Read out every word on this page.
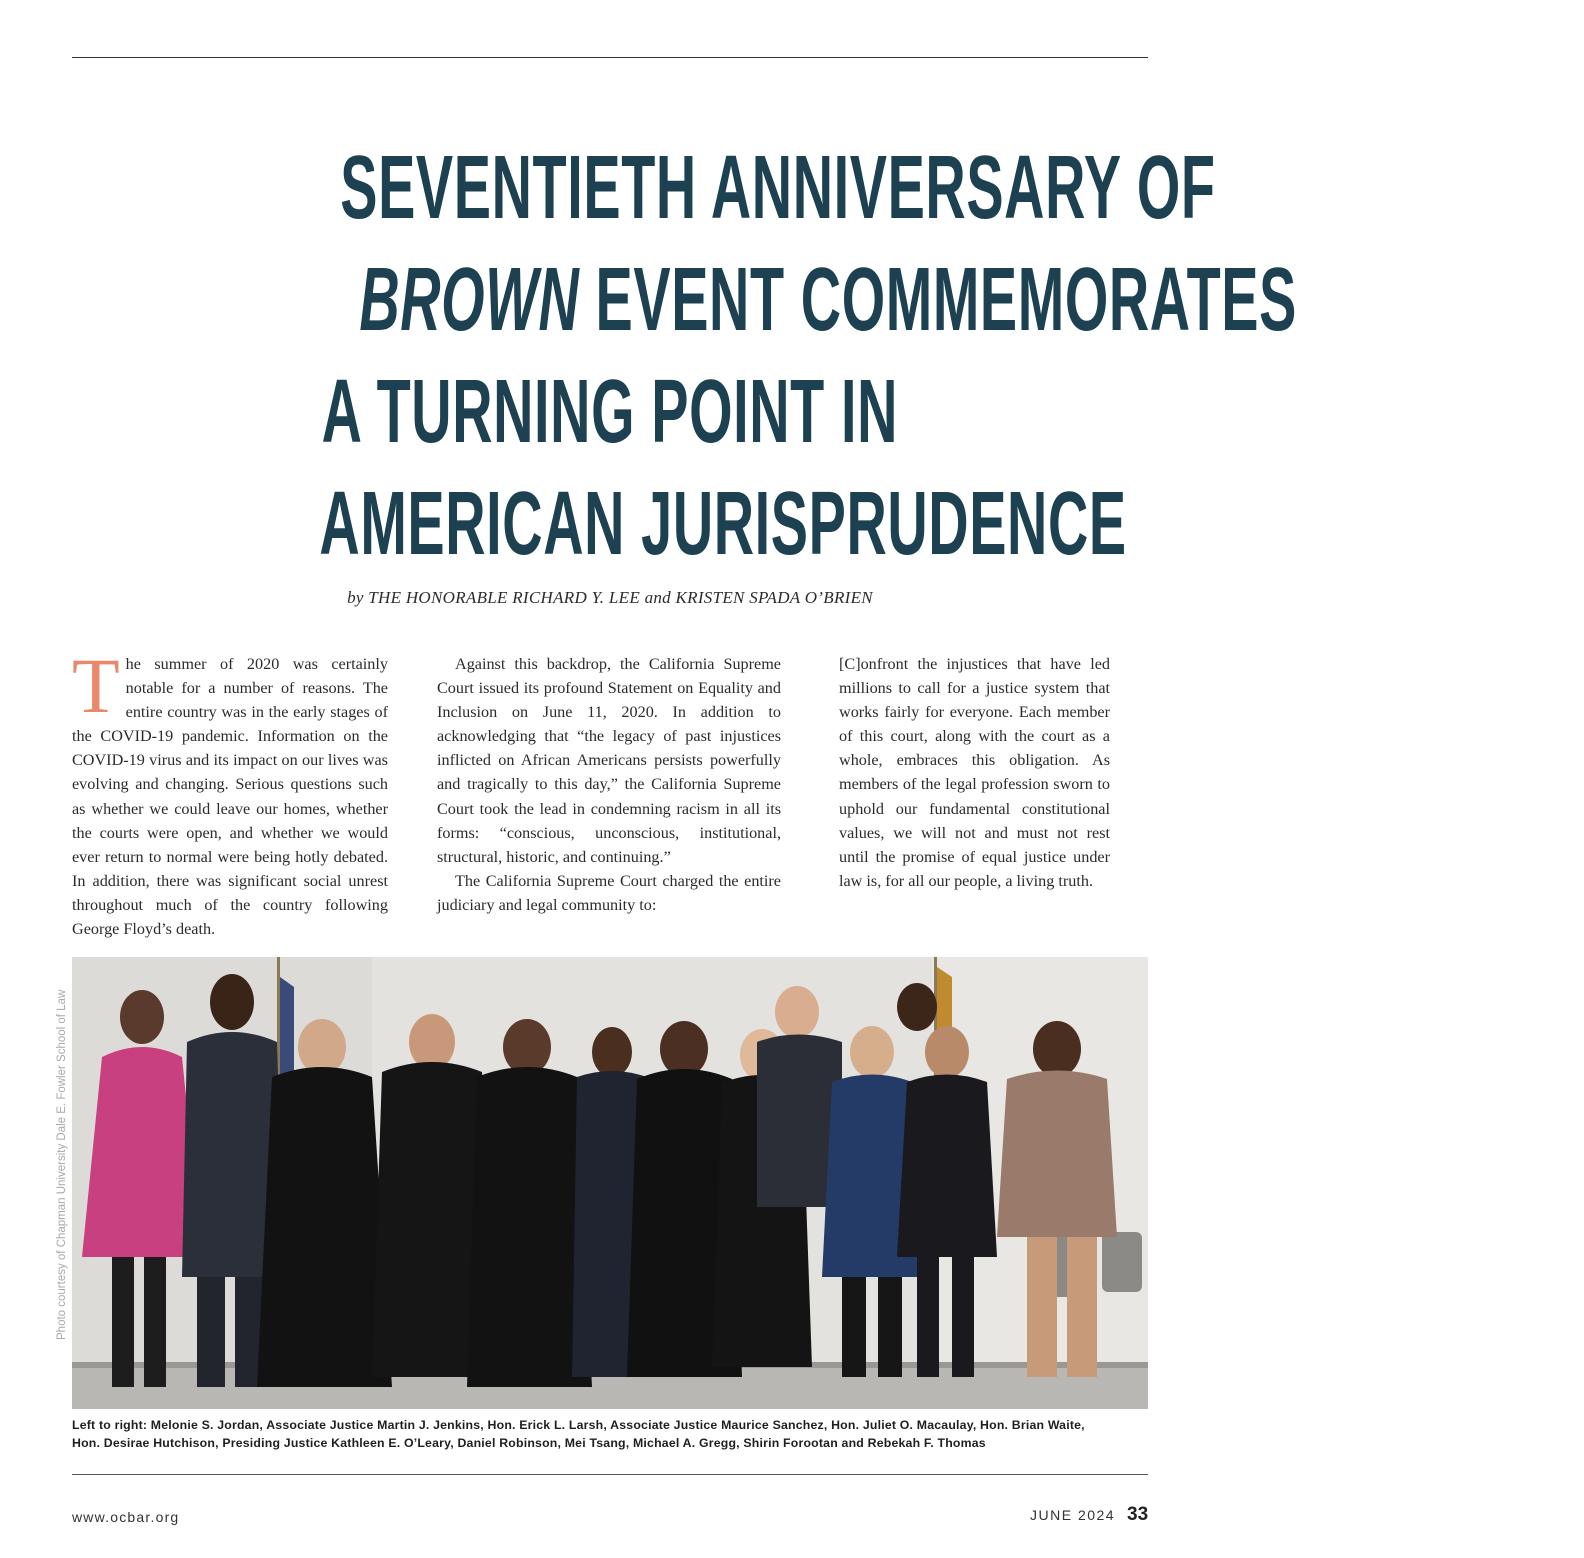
SEVENTIETH ANNIVERSARY OF
BROWN EVENT COMMEMORATES
A TURNING POINT IN
AMERICAN JURISPRUDENCE
by THE HONORABLE RICHARD Y. LEE and KRISTEN SPADA O’BRIEN

The summer of 2020 was certainly notable for a number of reasons. The entire country was in the early stages of the COVID-19 pandemic. Information on the COVID-19 virus and its impact on our lives was evolving and changing. Serious questions such as whether we could leave our homes, whether the courts were open, and whether we would ever return to normal were being hotly debated. In addition, there was significant social unrest throughout much of the country following George Floyd’s death.

Against this backdrop, the California Supreme Court issued its profound Statement on Equality and Inclusion on June 11, 2020. In addition to acknowledging that “the legacy of past injustices inflicted on African Americans persists powerfully and tragically to this day,” the California Supreme Court took the lead in condemning racism in all its forms: “conscious, unconscious, institutional, structural, historic, and continuing.”

The California Supreme Court charged the entire judiciary and legal community to:

[C]onfront the injustices that have led millions to call for a justice system that works fairly for everyone. Each member of this court, along with the court as a whole, embraces this obligation. As members of the legal profession sworn to uphold our fundamental constitutional values, we will not and must not rest until the promise of equal justice under law is, for all our people, a living truth.

Photo courtesy of Chapman University Dale E. Fowler School of Law
Left to right: Melonie S. Jordan, Associate Justice Martin J. Jenkins, Hon. Erick L. Larsh, Associate Justice Maurice Sanchez, Hon. Juliet O. Macaulay, Hon. Brian Waite,
Hon. Desirae Hutchison, Presiding Justice Kathleen E. O’Leary, Daniel Robinson, Mei Tsang, Michael A. Gregg, Shirin Forootan and Rebekah F. Thomas
www.ocbar.org	JUNE 2024 33
